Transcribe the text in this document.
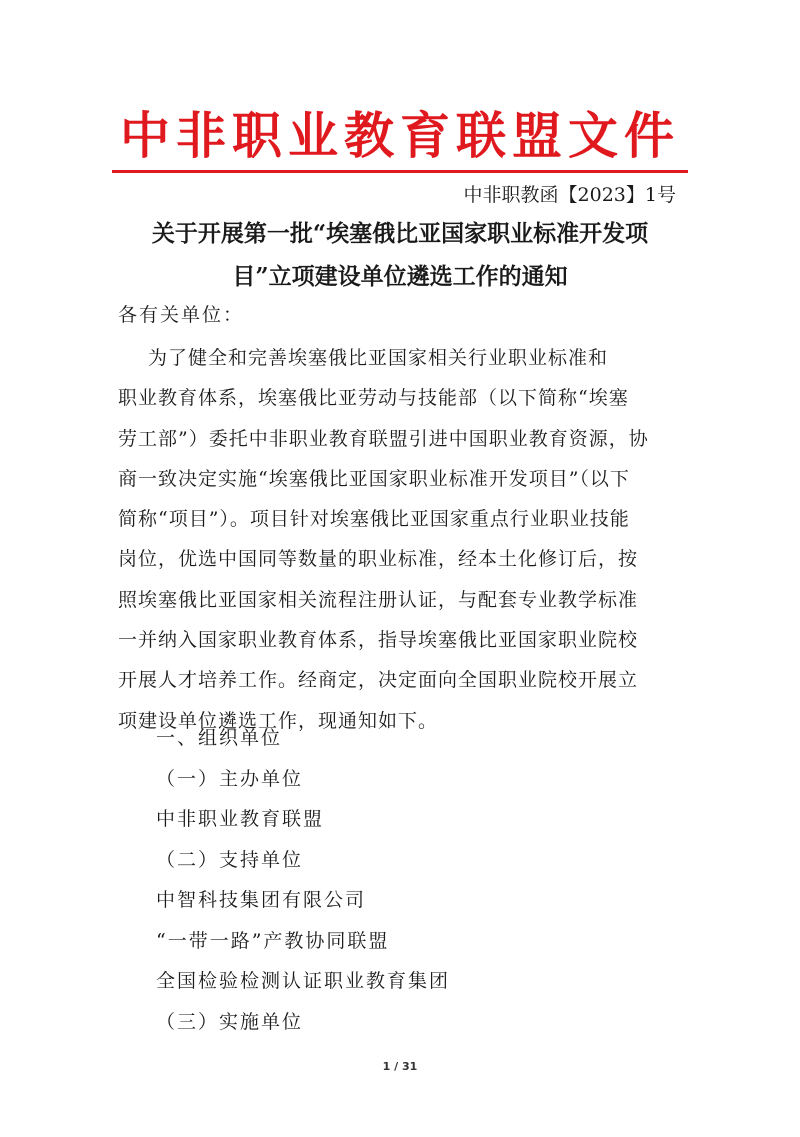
中非职业教育联盟文件
中非职教函【2023】1号
关于开展第一批“埃塞俄比亚国家职业标准开发项
目”立项建设单位遴选工作的通知
各有关单位：
为了健全和完善埃塞俄比亚国家相关行业职业标准和
职业教育体系，埃塞俄比亚劳动与技能部（以下简称“埃塞
劳工部”）委托中非职业教育联盟引进中国职业教育资源，协
商一致决定实施“埃塞俄比亚国家职业标准开发项目”（以下
简称“项目”）。项目针对埃塞俄比亚国家重点行业职业技能
岗位，优选中国同等数量的职业标准，经本土化修订后，按
照埃塞俄比亚国家相关流程注册认证，与配套专业教学标准
一并纳入国家职业教育体系，指导埃塞俄比亚国家职业院校
开展人才培养工作。经商定，决定面向全国职业院校开展立
项建设单位遴选工作，现通知如下。
一、组织单位
（一）主办单位
中非职业教育联盟
（二）支持单位
中智科技集团有限公司
“一带一路”产教协同联盟
全国检验检测认证职业教育集团
（三）实施单位
1 / 31
